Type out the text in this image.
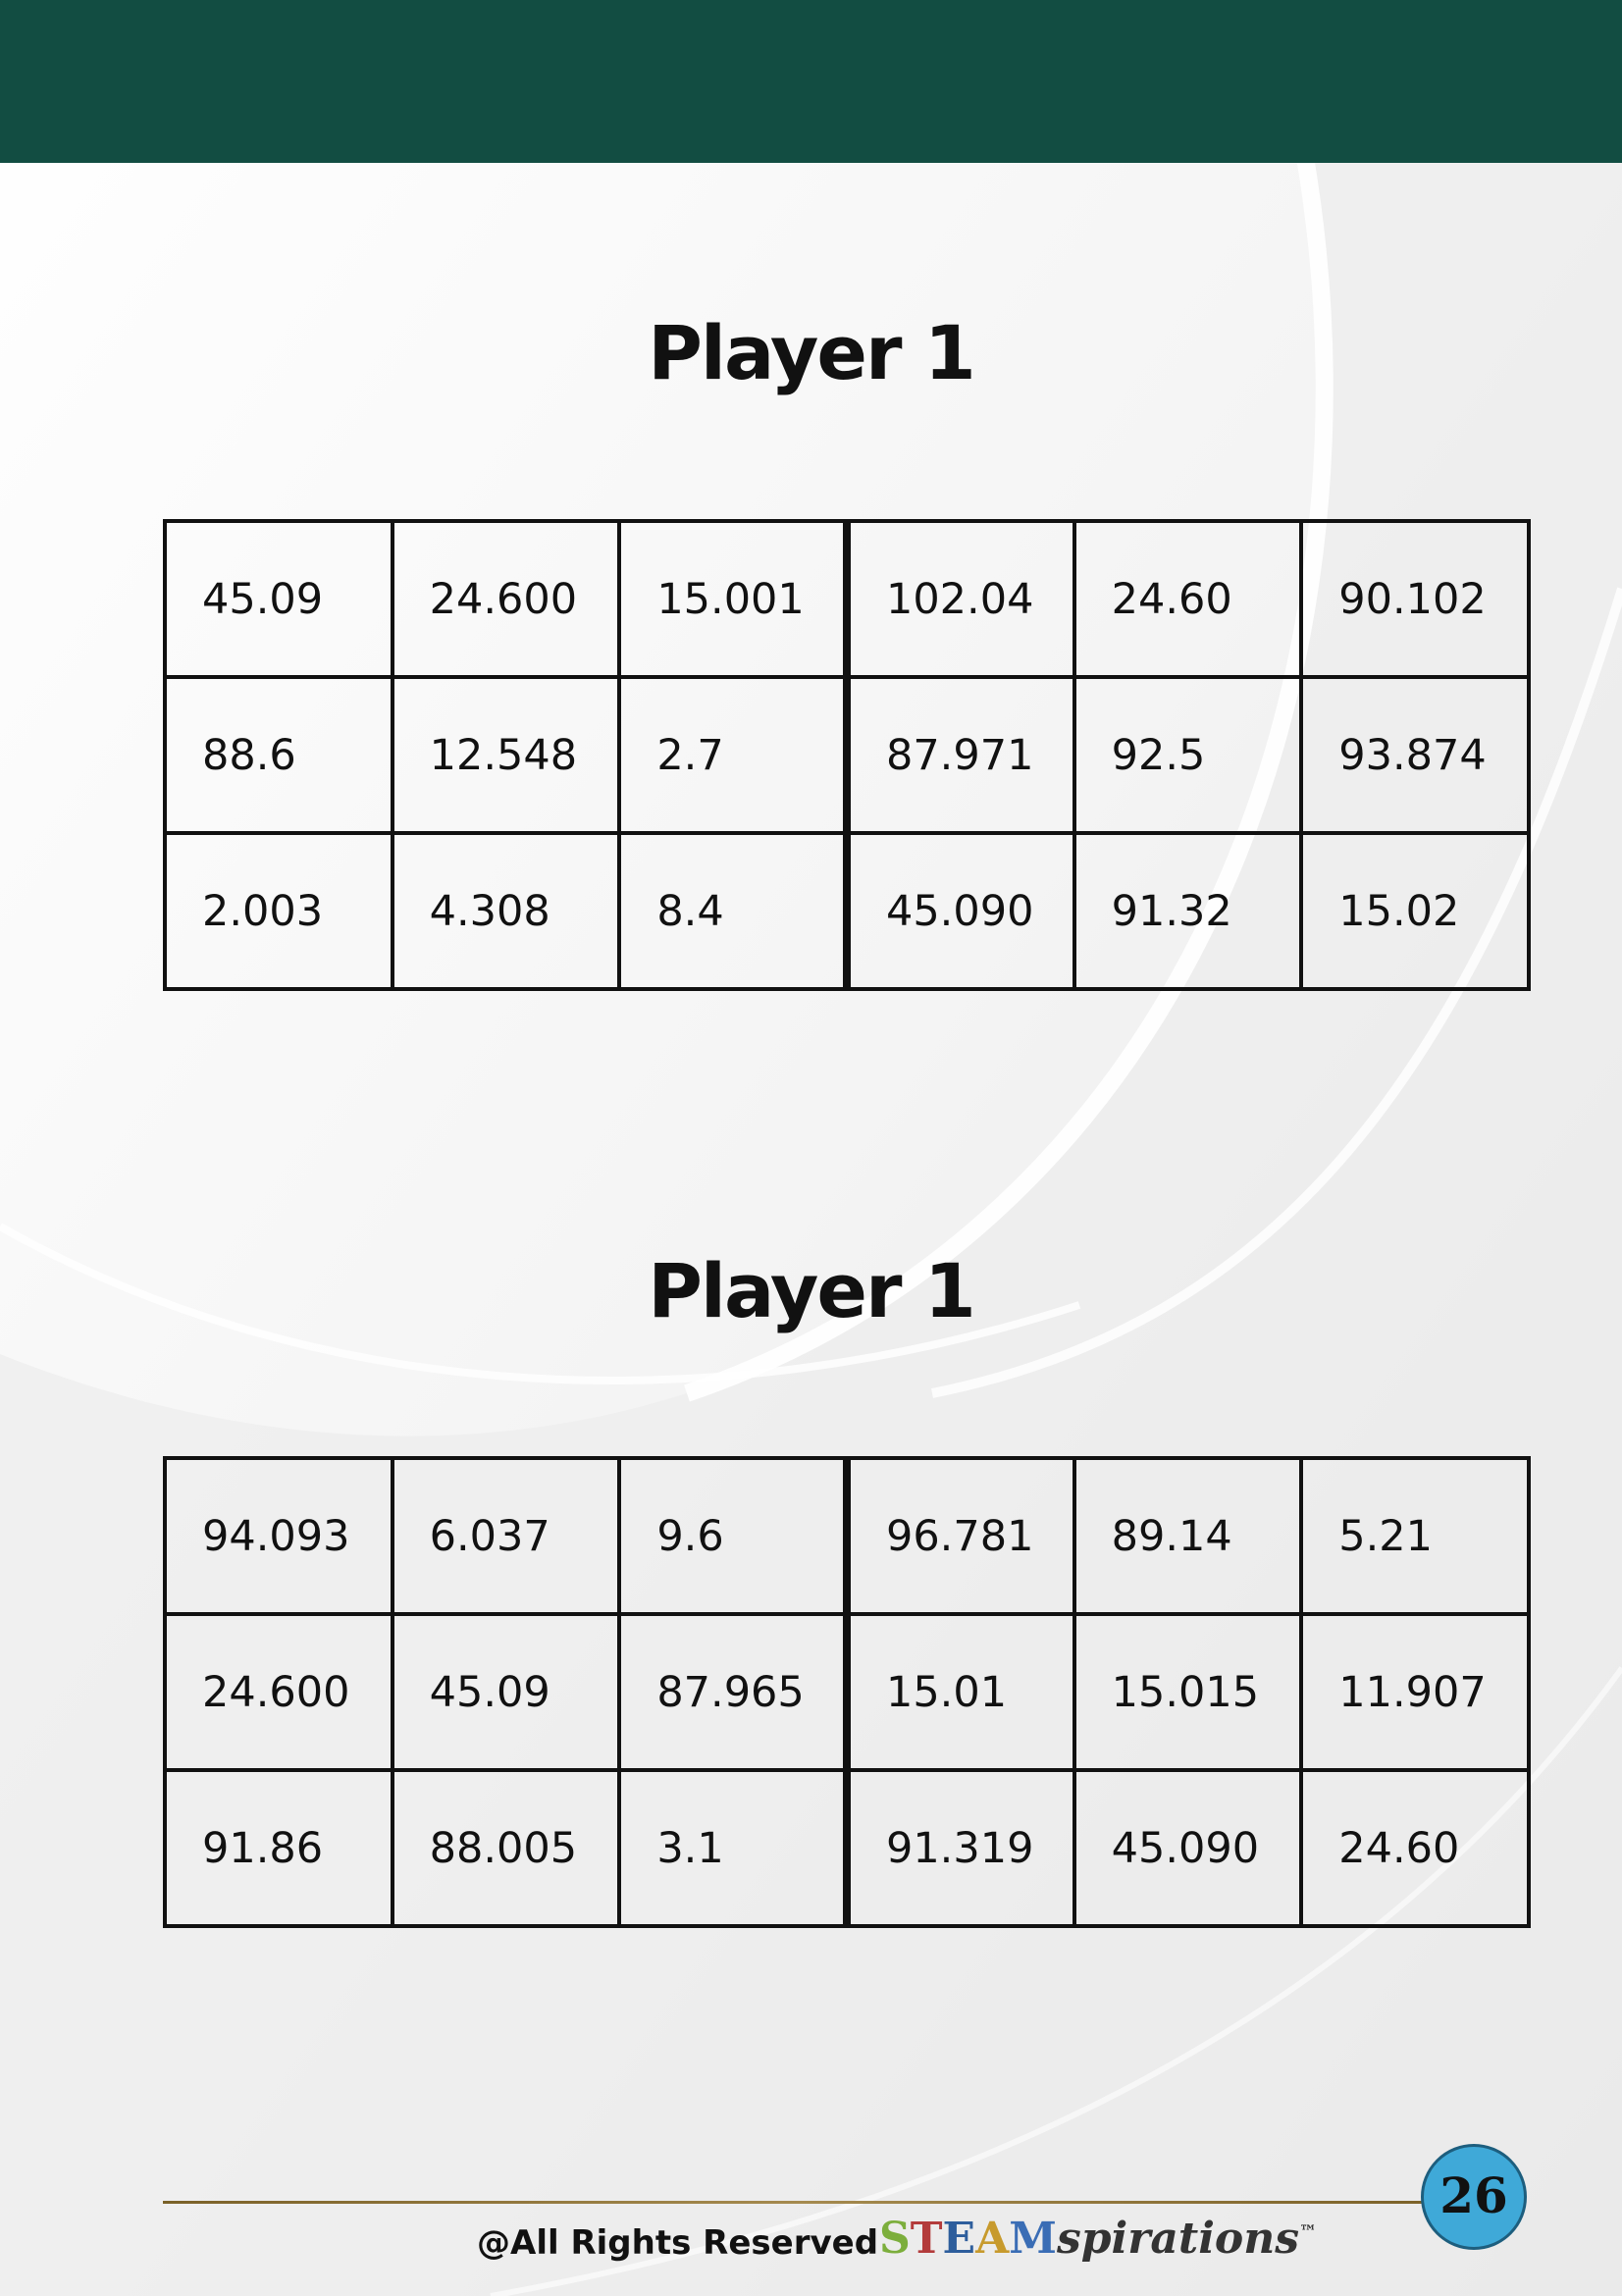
Player 1
45.09	24.600	15.001	102.04	24.60	90.102
88.6	12.548	2.7	87.971	92.5	93.874
2.003	4.308	8.4	45.090	91.32	15.02
Player 1
94.093	6.037	9.6	96.781	89.14	5.21
24.600	45.09	87.965	15.01	15.015	11.907
91.86	88.005	3.1	91.319	45.090	24.60
@All Rights Reserved STEAMspirations™
26
